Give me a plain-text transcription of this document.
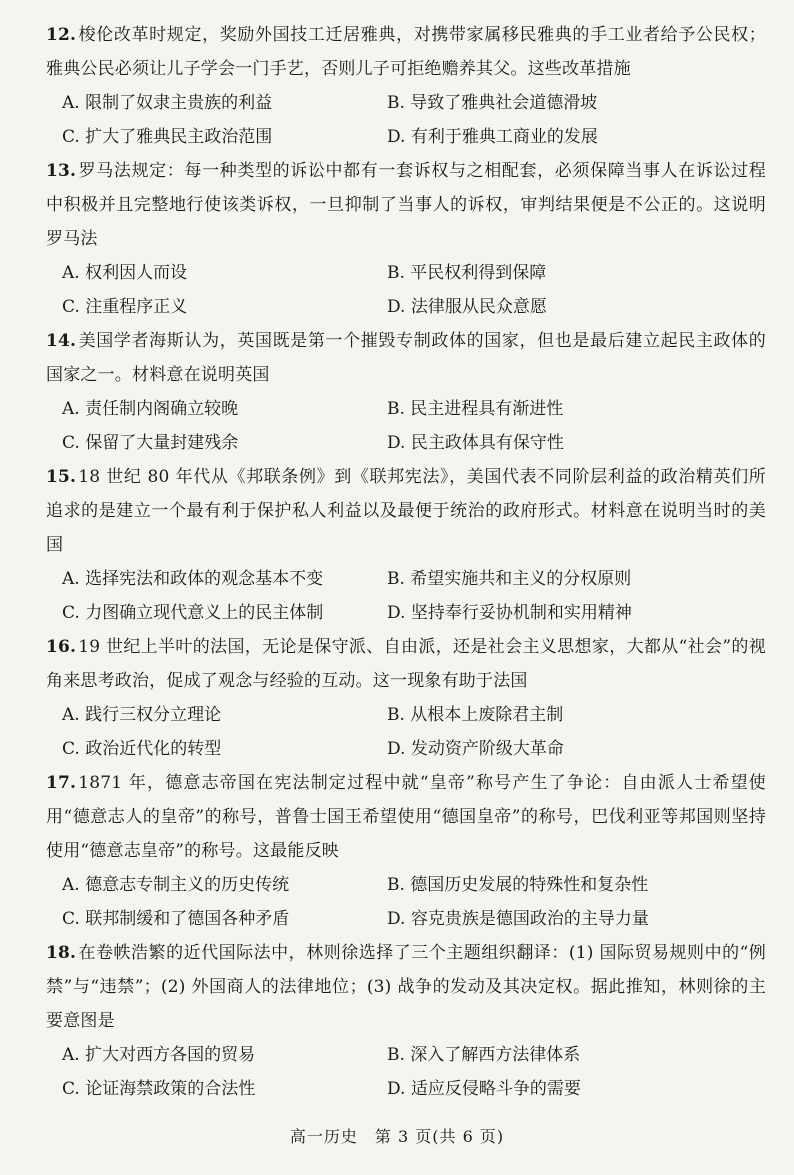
12. 梭伦改革时规定，奖励外国技工迁居雅典，对携带家属移民雅典的手工业者给予公民权；雅典公民必须让儿子学会一门手艺，否则儿子可拒绝赡养其父。这些改革措施
A. 限制了奴隶主贵族的利益	B. 导致了雅典社会道德滑坡
C. 扩大了雅典民主政治范围	D. 有利于雅典工商业的发展
13. 罗马法规定：每一种类型的诉讼中都有一套诉权与之相配套，必须保障当事人在诉讼过程中积极并且完整地行使该类诉权，一旦抑制了当事人的诉权，审判结果便是不公正的。这说明罗马法
A. 权利因人而设	B. 平民权利得到保障
C. 注重程序正义	D. 法律服从民众意愿
14. 美国学者海斯认为，英国既是第一个摧毁专制政体的国家，但也是最后建立起民主政体的国家之一。材料意在说明英国
A. 责任制内阁确立较晚	B. 民主进程具有渐进性
C. 保留了大量封建残余	D. 民主政体具有保守性
15. 18 世纪 80 年代从《邦联条例》到《联邦宪法》，美国代表不同阶层利益的政治精英们所追求的是建立一个最有利于保护私人利益以及最便于统治的政府形式。材料意在说明当时的美国
A. 选择宪法和政体的观念基本不变	B. 希望实施共和主义的分权原则
C. 力图确立现代意义上的民主体制	D. 坚持奉行妥协机制和实用精神
16. 19 世纪上半叶的法国，无论是保守派、自由派，还是社会主义思想家，大都从“社会”的视角来思考政治，促成了观念与经验的互动。这一现象有助于法国
A. 践行三权分立理论	B. 从根本上废除君主制
C. 政治近代化的转型	D. 发动资产阶级大革命
17. 1871 年，德意志帝国在宪法制定过程中就“皇帝”称号产生了争论：自由派人士希望使用“德意志人的皇帝”的称号，普鲁士国王希望使用“德国皇帝”的称号，巴伐利亚等邦国则坚持使用“德意志皇帝”的称号。这最能反映
A. 德意志专制主义的历史传统	B. 德国历史发展的特殊性和复杂性
C. 联邦制缓和了德国各种矛盾	D. 容克贵族是德国政治的主导力量
18. 在卷帙浩繁的近代国际法中，林则徐选择了三个主题组织翻译：(1) 国际贸易规则中的“例禁”与“违禁”；(2) 外国商人的法律地位；(3) 战争的发动及其决定权。据此推知，林则徐的主要意图是
A. 扩大对西方各国的贸易	B. 深入了解西方法律体系
C. 论证海禁政策的合法性	D. 适应反侵略斗争的需要
高一历史　第 3 页(共 6 页)
